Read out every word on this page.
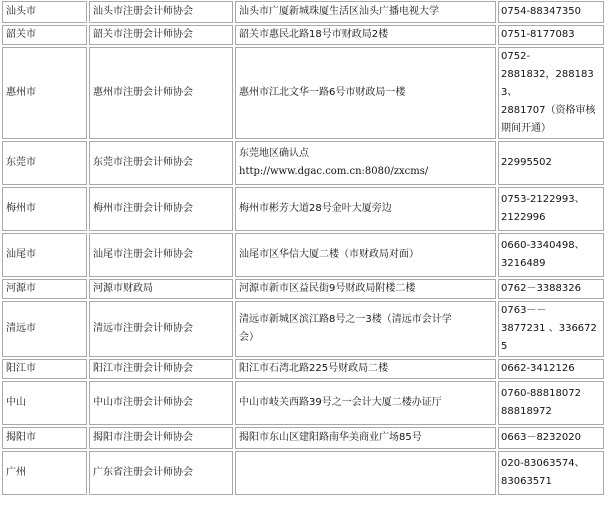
汕头市	汕头市注册会计师协会	汕头市广厦新城珠厦生活区汕头广播电视大学	0754-88347350
韶关市	韶关市注册会计师协会	韶关市惠民北路18号市财政局2楼	0751-8177083
惠州市	惠州市注册会计师协会	惠州市江北文华一路6号市财政局一楼	0752-
2881832，2881833、
2881707（资格审核
期间开通）

东莞市	东莞市注册会计师协会	东莞地区确认点
http://www.dgac.com.cn:8080/zxcms/	22995502
梅州市	梅州市注册会计师协会	梅州市彬芳大道28号金叶大厦旁边	0753-2122993、
2122996

汕尾市	汕尾市注册会计师协会	汕尾市区华信大厦二楼（市财政局对面）	0660-3340498、
3216489

河源市	河源市财政局	河源市新市区益民街9号财政局附楼二楼	0762－3388326
清远市	清远市注册会计师协会	清远市新城区滨江路8号之一3楼（清远市会计学
会）	0763－－
3877231 、3366725

阳江市	阳江市注册会计师协会	阳江市石湾北路225号财政局二楼	0662-3412126
中山	中山市注册会计师协会	中山市岐关西路39号之一会计大厦二楼办证厅	0760-88818072
88818972

揭阳市	揭阳市注册会计师协会	揭阳市东山区建阳路南华美商业广场85号	0663－8232020
广州	广东省注册会计师协会		020-83063574、
83063571
